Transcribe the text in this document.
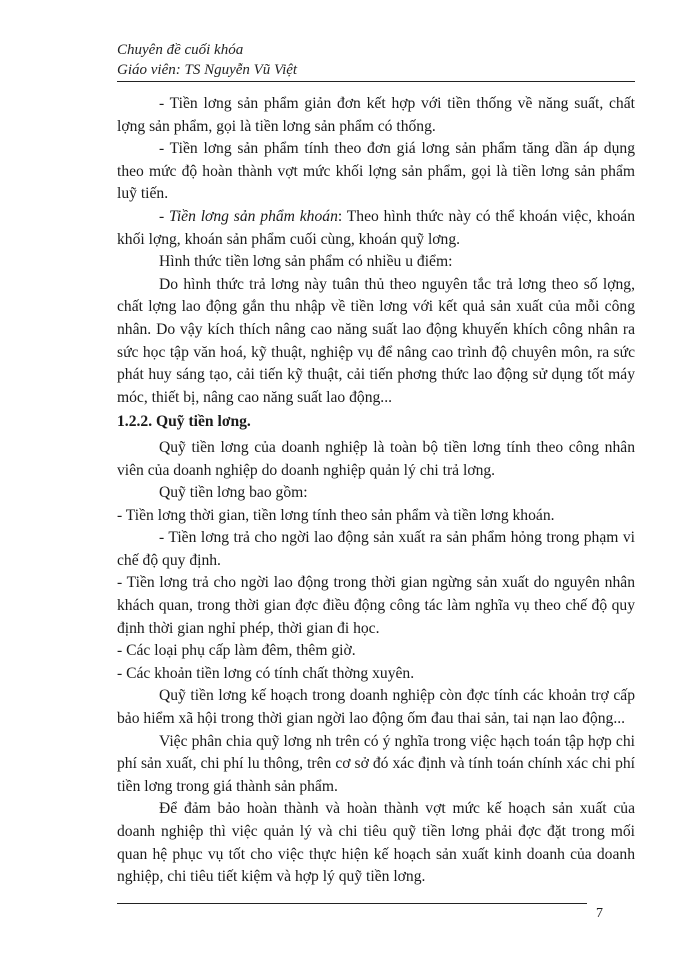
Chuyên đề cuối khóa
Giáo viên: TS Nguyễn Vũ Việt

- Tiền lơng sản phẩm giản đơn kết hợp với tiền thống về năng suất, chất lợng sản phẩm, gọi là tiền lơng sản phẩm có thống.

- Tiền lơng sản phẩm tính theo đơn giá lơng sản phẩm tăng dần áp dụng theo mức độ hoàn thành vợt mức khối lợng sản phẩm, gọi là tiền lơng sản phẩm luỹ tiến.

- Tiền lơng sản phẩm khoán: Theo hình thức này có thể khoán việc, khoán khối lợng, khoán sản phẩm cuối cùng, khoán quỹ lơng.

Hình thức tiền lơng sản phẩm có nhiều u điểm:

Do hình thức trả lơng này tuân thủ theo nguyên tắc trả lơng theo số lợng, chất lợng lao động gắn thu nhập về tiền lơng với kết quả sản xuất của mỗi công nhân. Do vậy kích thích nâng cao năng suất lao động khuyến khích công nhân ra sức học tập văn hoá, kỹ thuật, nghiệp vụ để nâng cao trình độ chuyên môn, ra sức phát huy sáng tạo, cải tiến kỹ thuật, cải tiến phơng thức lao động sử dụng tốt máy móc, thiết bị, nâng cao năng suất lao động...

1.2.2. Quỹ tiền lơng.

Quỹ tiền lơng của doanh nghiệp là toàn bộ tiền lơng tính theo công nhân viên của doanh nghiệp do doanh nghiệp quản lý chi trả lơng.

Quỹ tiền lơng bao gồm:

- Tiền lơng thời gian, tiền lơng tính theo sản phẩm và tiền lơng khoán.

- Tiền lơng trả cho ngời lao động sản xuất ra sản phẩm hỏng trong phạm vi chế độ quy định.

- Tiền lơng trả cho ngời lao động trong thời gian ngừng sản xuất do nguyên nhân khách quan, trong thời gian đợc điều động công tác làm nghĩa vụ theo chế độ quy định thời gian nghỉ phép, thời gian đi học.

- Các loại phụ cấp làm đêm, thêm giờ.

- Các khoản tiền lơng có tính chất thờng xuyên.

Quỹ tiền lơng kế hoạch trong doanh nghiệp còn đợc tính các khoản trợ cấp bảo hiểm xã hội trong thời gian ngời lao động ốm đau thai sản, tai nạn lao động...

Việc phân chia quỹ lơng nh trên có ý nghĩa trong việc hạch toán tập hợp chi phí sản xuất, chi phí lu thông, trên cơ sở đó xác định và tính toán chính xác chi phí tiền lơng trong giá thành sản phẩm.

Để đảm bảo hoàn thành và hoàn thành vợt mức kế hoạch sản xuất của doanh nghiệp thì việc quản lý và chi tiêu quỹ tiền lơng phải đợc đặt trong mối quan hệ phục vụ tốt cho việc thực hiện kế hoạch sản xuất kinh doanh của doanh nghiệp, chi tiêu tiết kiệm và hợp lý quỹ tiền lơng.

7
